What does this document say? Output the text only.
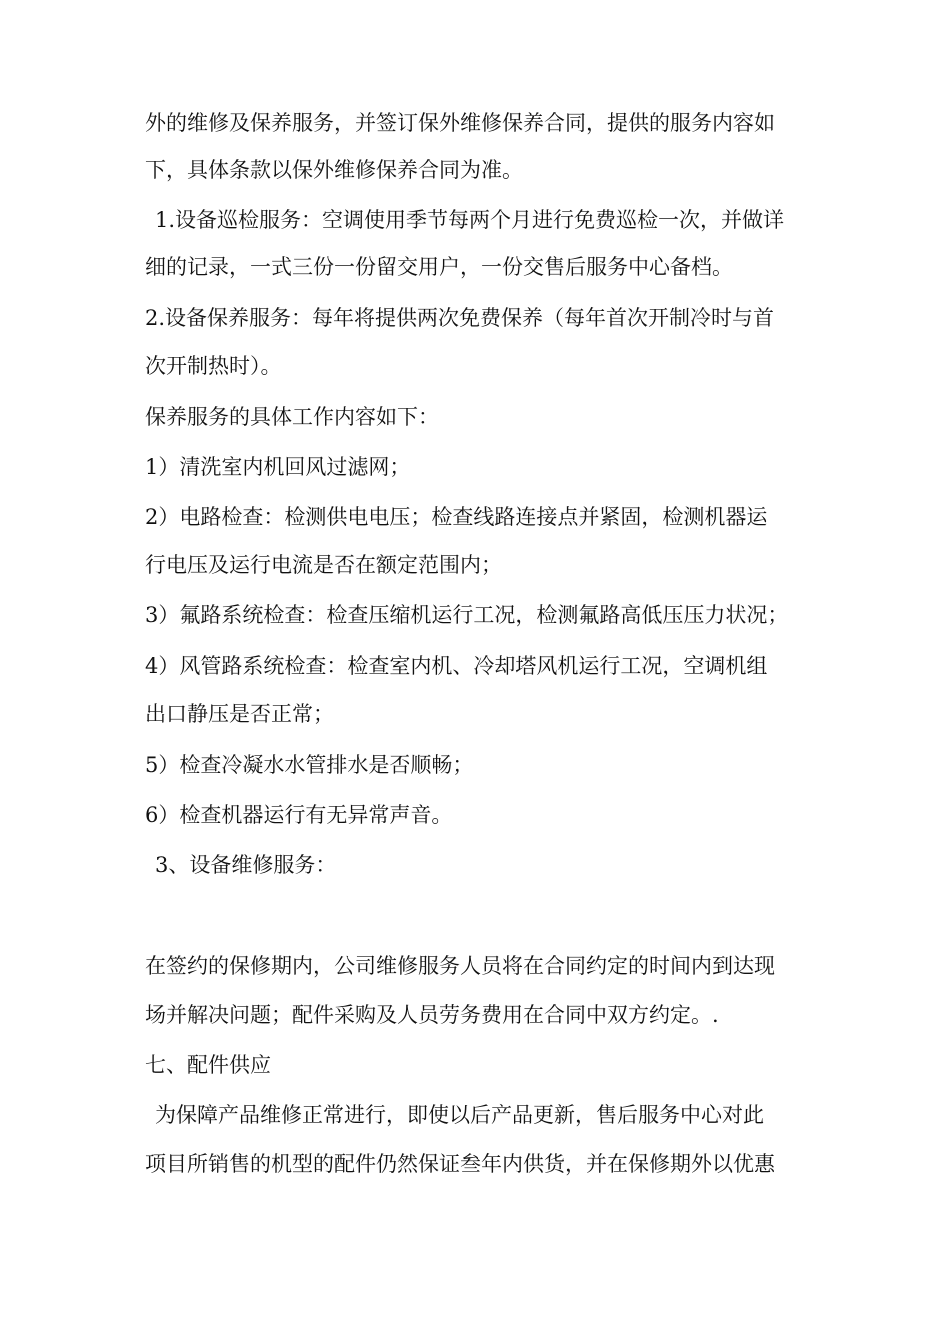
外的维修及保养服务，并签订保外维修保养合同，提供的服务内容如

下，具体条款以保外维修保养合同为准。

1.设备巡检服务：空调使用季节每两个月进行免费巡检一次，并做详

细的记录，一式三份一份留交用户，一份交售后服务中心备档。

2.设备保养服务：每年将提供两次免费保养（每年首次开制冷时与首

次开制热时）。

保养服务的具体工作内容如下：

1）清洗室内机回风过滤网；

2）电路检查：检测供电电压；检查线路连接点并紧固，检测机器运

行电压及运行电流是否在额定范围内；

3）氟路系统检查：检查压缩机运行工况，检测氟路高低压压力状况；

4）风管路系统检查：检查室内机、冷却塔风机运行工况，空调机组

出口静压是否正常；

5）检查冷凝水水管排水是否顺畅；

6）检查机器运行有无异常声音。

3、设备维修服务：

在签约的保修期内，公司维修服务人员将在合同约定的时间内到达现

场并解决问题；配件采购及人员劳务费用在合同中双方约定。.

七、配件供应

为保障产品维修正常进行，即使以后产品更新，售后服务中心对此

项目所销售的机型的配件仍然保证叁年内供货，并在保修期外以优惠
